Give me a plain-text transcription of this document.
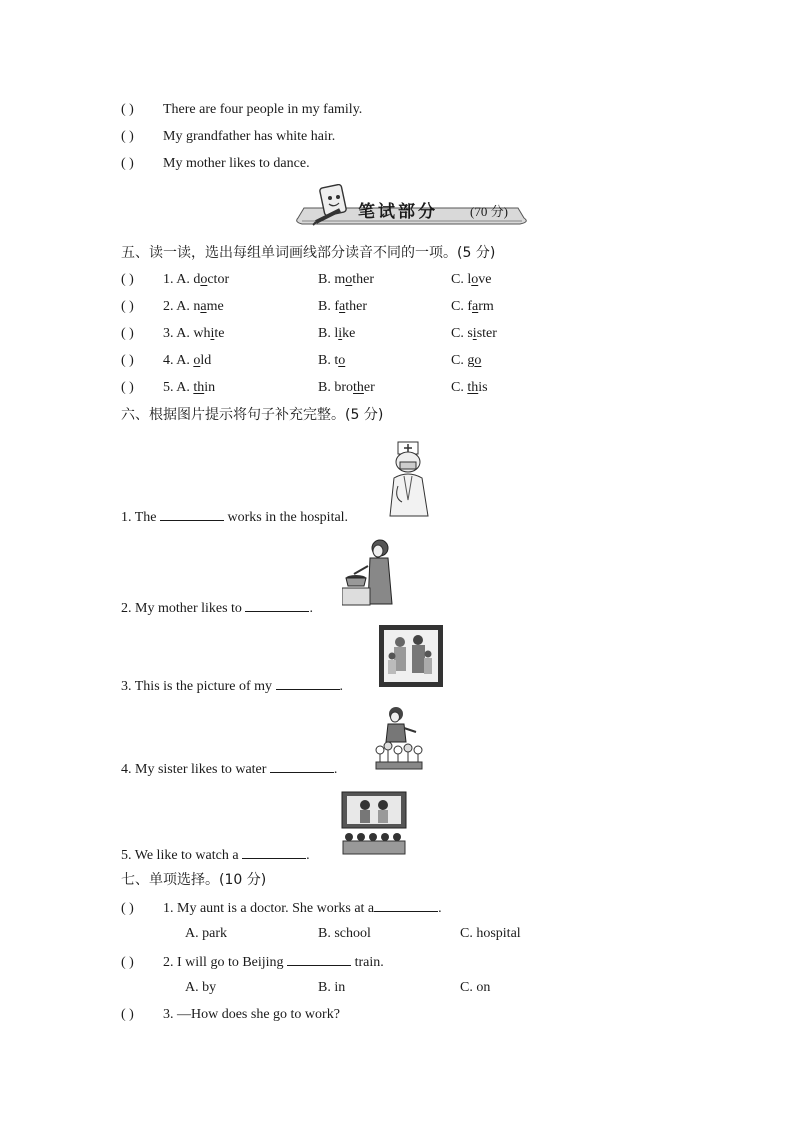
( ) There are four people in my family.
( ) My grandfather has white hair.
( ) My mother likes to dance.
笔试部分 (70 分)
五、读一读，选出每组单词画线部分读音不同的一项。(5 分)
( ) 1. A. doctor	B. mother	C. love
( ) 2. A. name	B. father	C. farm
( ) 3. A. white	B. like	C. sister
( ) 4. A. old	B. to	C. go
( ) 5. A. thin	B. brother	C. this
六、根据图片提示将句子补充完整。(5 分)
1. The	works in the hospital.
2. My mother likes to	.
3. This is the picture of my	.
4. My sister likes to water	.
5. We like to watch a	.
七、单项选择。(10 分)
( ) 1. My aunt is a doctor. She works at a	.
A. park	B. school	C. hospital
( ) 2. I will go to Beijing	train.
A. by	B. in	C. on
( ) 3. —How does she go to work?
